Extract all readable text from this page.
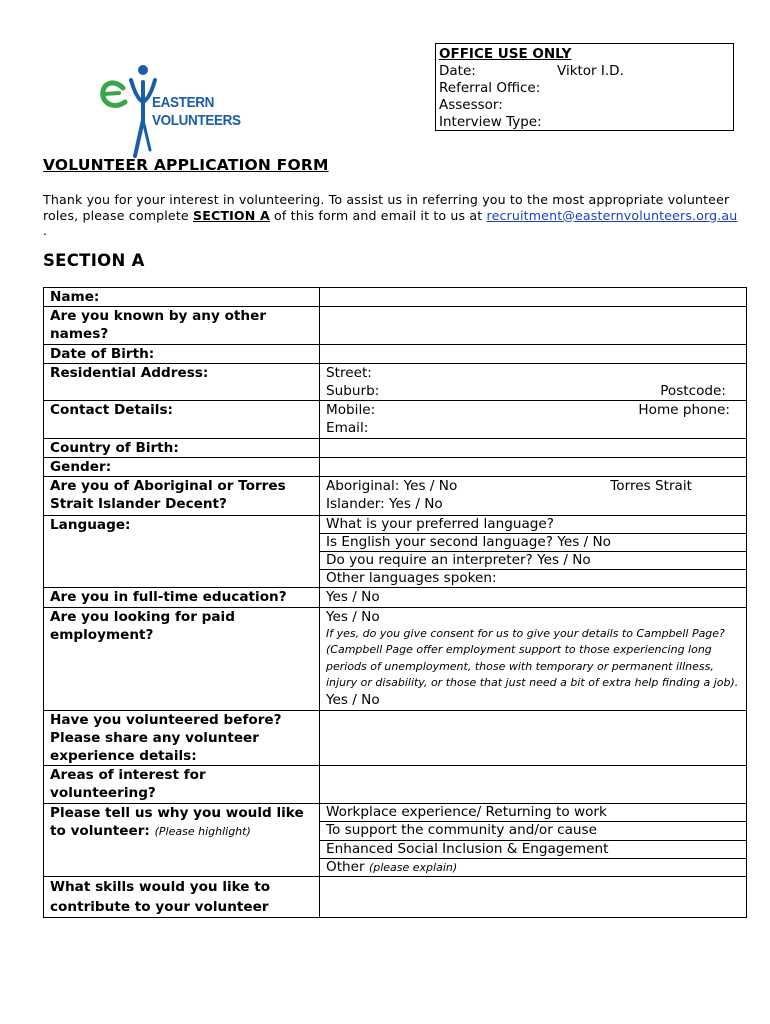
OFFICE USE ONLY
Date:	Viktor I.D.
Referral Office:
Assessor:
Interview Type:
EASTERN
VOLUNTEERS
VOLUNTEER APPLICATION FORM
Thank you for your interest in volunteering. To assist us in referring you to the most appropriate volunteer roles, please complete SECTION A of this form and email it to us at recruitment@easternvolunteers.org.au .
SECTION A
Name:	
Are you known by any other names?	
Date of Birth:	
Residential Address:	Street:
Suburb: Postcode:

Contact Details:	Mobile: Home phone:
Email:

Country of Birth:	
Gender:	
Are you of Aboriginal or Torres Strait Islander Decent?	Aboriginal: Yes / No Torres Strait
Islander: Yes / No

Language:	What is your preferred language?
Is English your second language? Yes / No
Do you require an interpreter? Yes / No
Other languages spoken:

Are you in full-time education?	Yes / No
Are you looking for paid employment?	Yes / No
If yes, do you give consent for us to give your details to Campbell Page?
(Campbell Page offer employment support to those experiencing long periods of unemployment, those with temporary or permanent illness, injury or disability, or those that just need a bit of extra help finding a job).
Yes / No

Have you volunteered before? Please share any volunteer experience details:	
Areas of interest for volunteering?	
Please tell us why you would like to volunteer: (Please highlight)	Workplace experience/ Returning to work
To support the community and/or cause
Enhanced Social Inclusion & Engagement
Other (please explain)

What skills would you like to contribute to your volunteer	
